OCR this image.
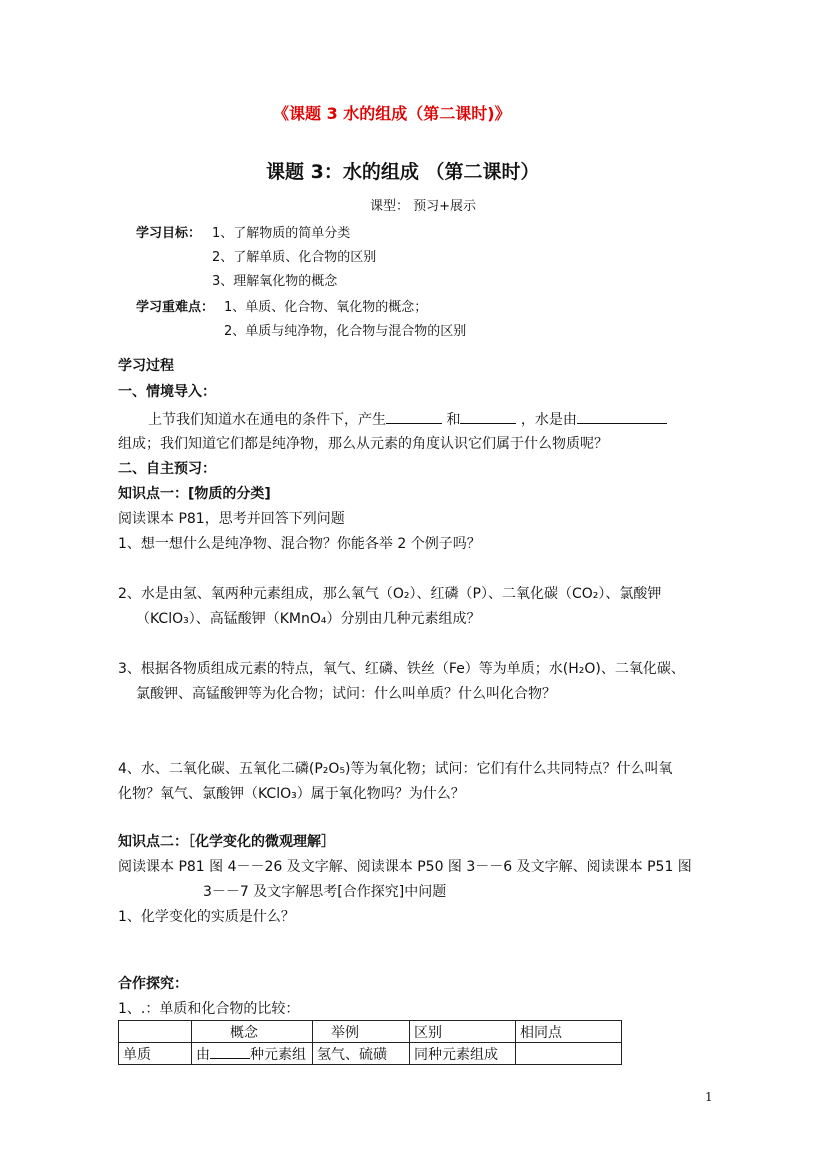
《课题 3 水的组成（第二课时)》
课题 3：水的组成 （第二课时）
课型： 预习+展示
学习目标： 1、了解物质的简单分类
2、了解单质、化合物的区别
3、理解氧化物的概念
学习重难点： 1、单质、化合物、氧化物的概念；
2、单质与纯净物，化合物与混合物的区别
学习过程
一、情境导入：
上节我们知道水在通电的条件下，产生	和	，水是由
组成；我们知道它们都是纯净物，那么从元素的角度认识它们属于什么物质呢？
二、自主预习：
知识点一：[物质的分类]
阅读课本 P81，思考并回答下列问题
1、想一想什么是纯净物、混合物？你能各举 2 个例子吗？
2、水是由氢、氧两种元素组成，那么氧气（O₂）、红磷（P）、二氧化碳（CO₂）、氯酸钾
（KClO₃）、高锰酸钾（KMnO₄）分别由几种元素组成？
3、根据各物质组成元素的特点，氧气、红磷、铁丝（Fe）等为单质；水(H₂O)、二氧化碳、
氯酸钾、高锰酸钾等为化合物；试问：什么叫单质？什么叫化合物？
4、水、二氧化碳、五氧化二磷(P₂O₅)等为氧化物；试问：它们有什么共同特点？什么叫氧
化物？氧气、氯酸钾（KClO₃）属于氧化物吗？为什么？
知识点二：［化学变化的微观理解］
阅读课本 P81 图 4－－26 及文字解、阅读课本 P50 图 3－－6 及文字解、阅读课本 P51 图
3－－7 及文字解思考[合作探究]中问题
1、化学变化的实质是什么？
合作探究：
1、.：单质和化合物的比较：
	概念	举例	区别	相同点
单质	由 种元素组	氢气、硫磺	同种元素组成	
1
